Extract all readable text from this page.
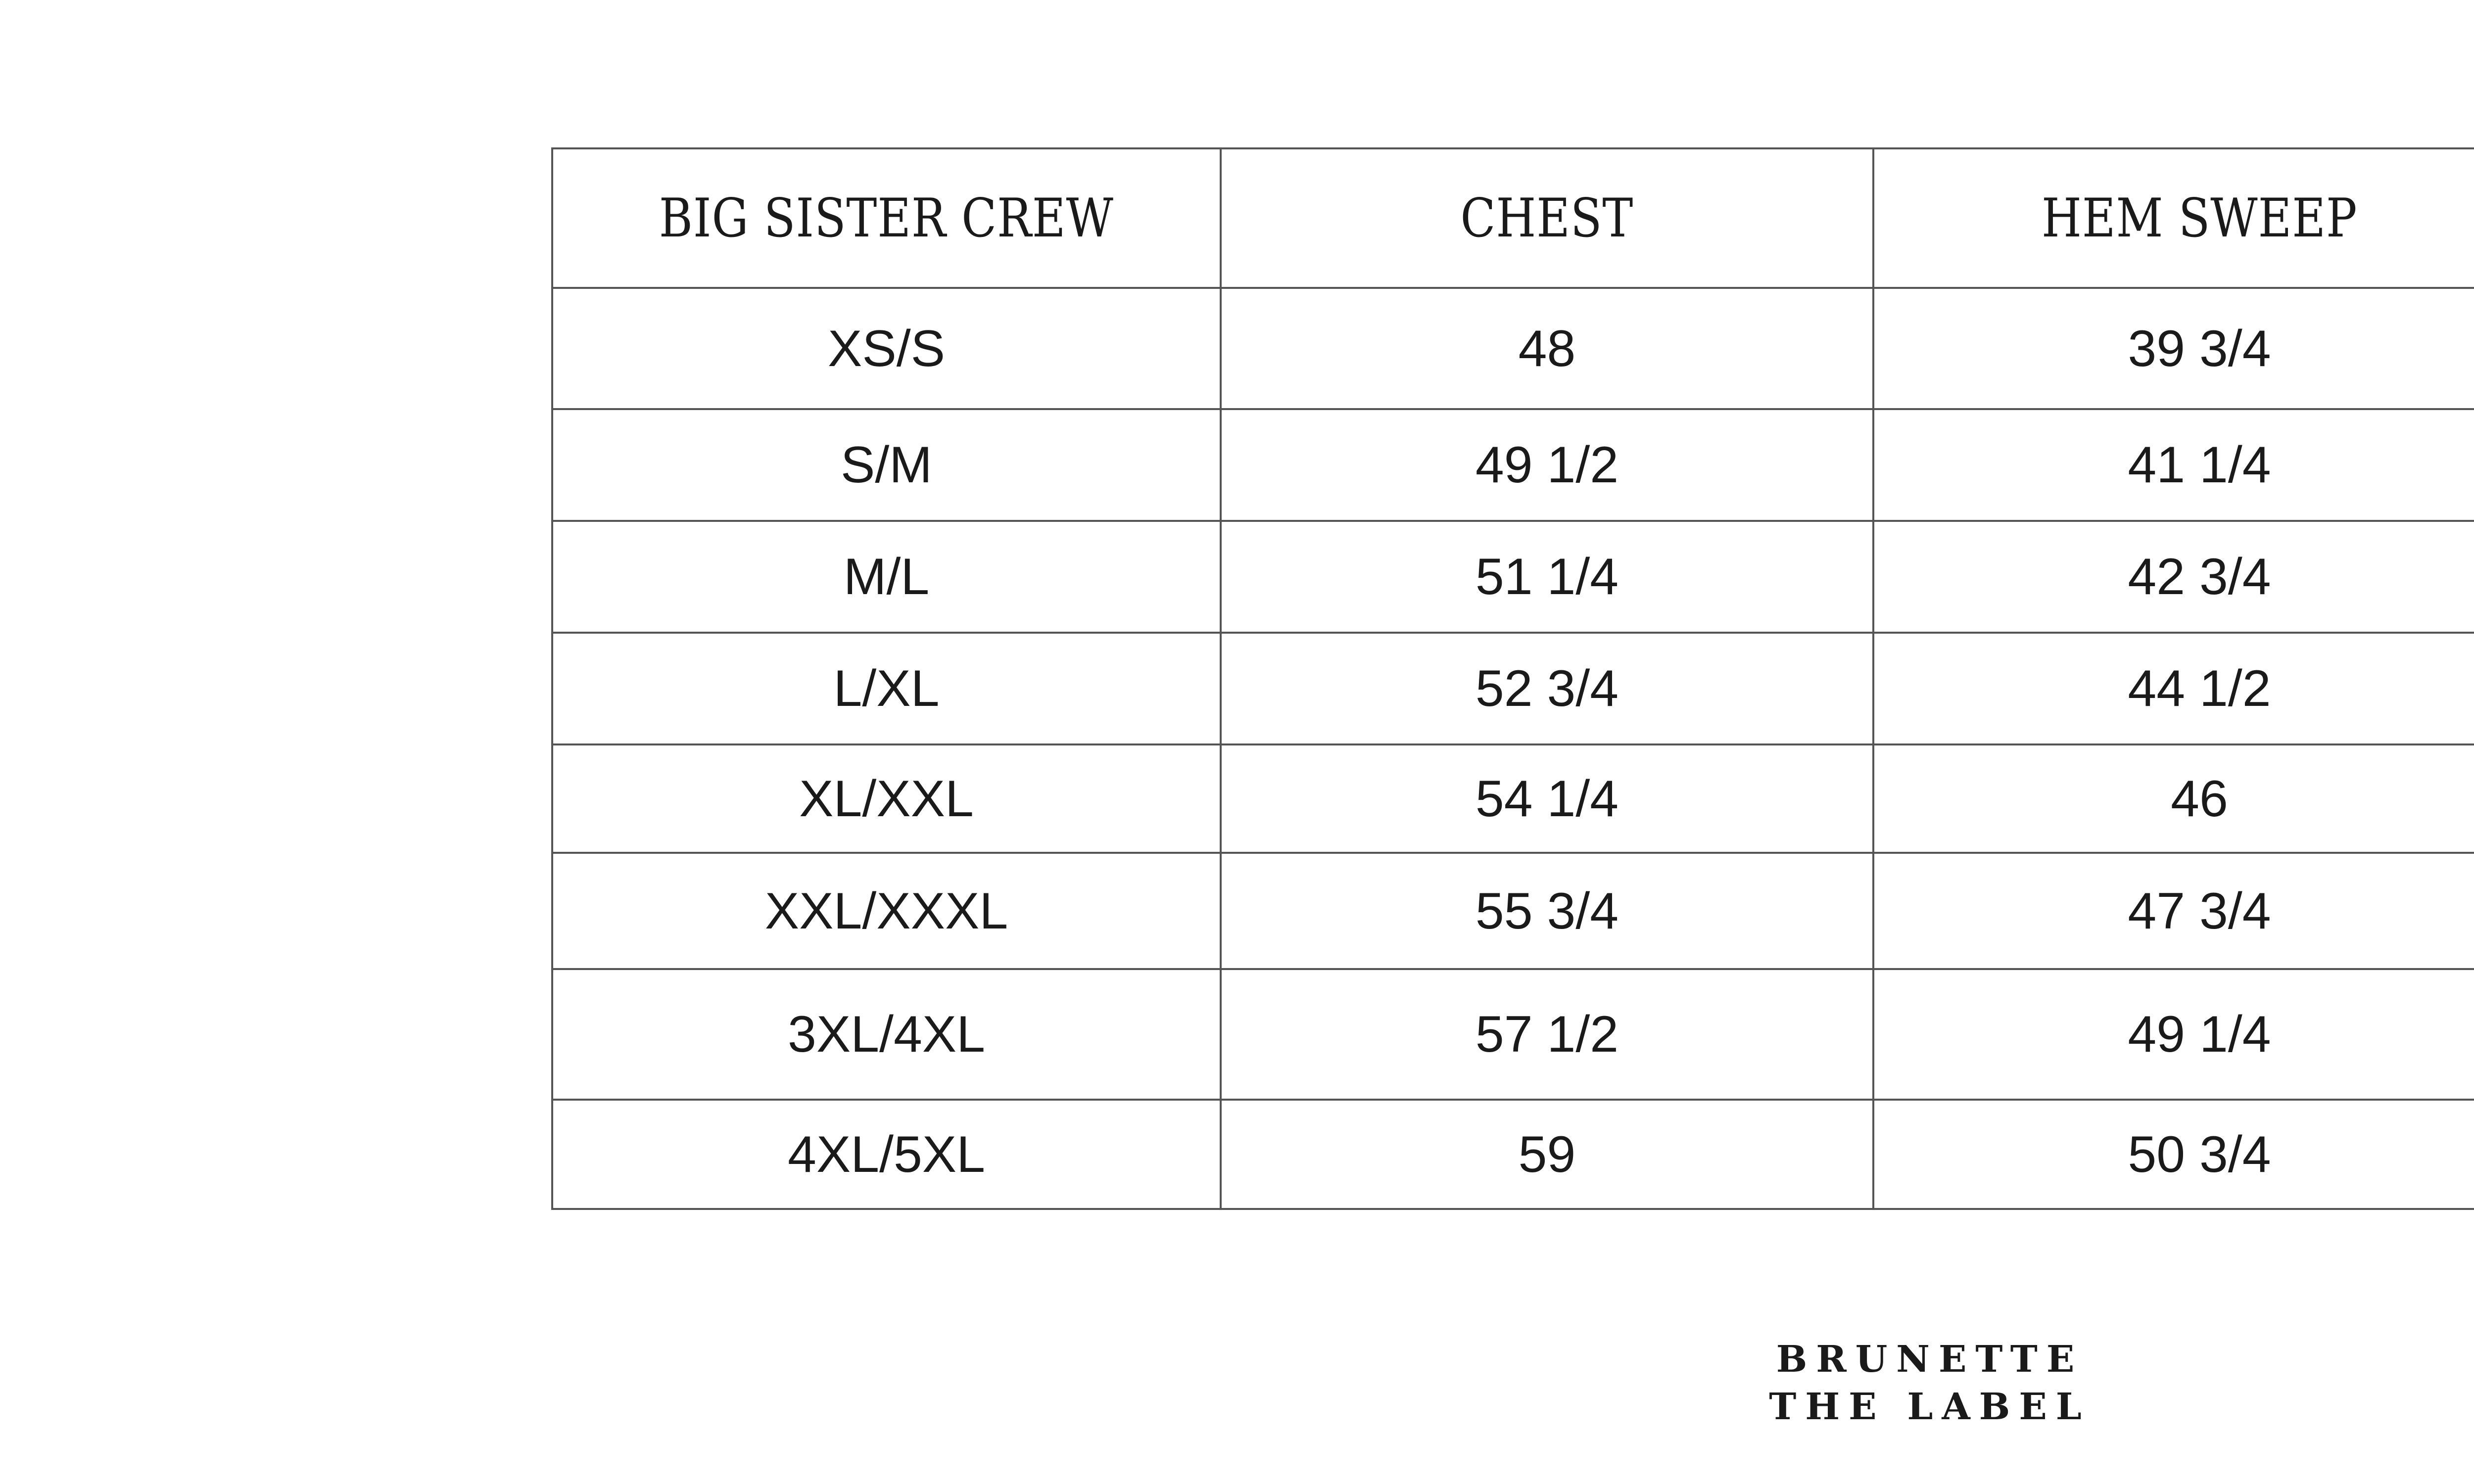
BIG SISTER CREW	CHEST	HEM SWEEP	
XS/S	48	39 3/4	
S/M	49 1/2	41 1/4	
M/L	51 1/4	42 3/4	
L/XL	52 3/4	44 1/2	
XL/XXL	54 1/4	46	
XXL/XXXL	55 3/4	47 3/4	
3XL/4XL	57 1/2	49 1/4	
4XL/5XL	59	50 3/4	
BRUNETTE
THE LABEL
